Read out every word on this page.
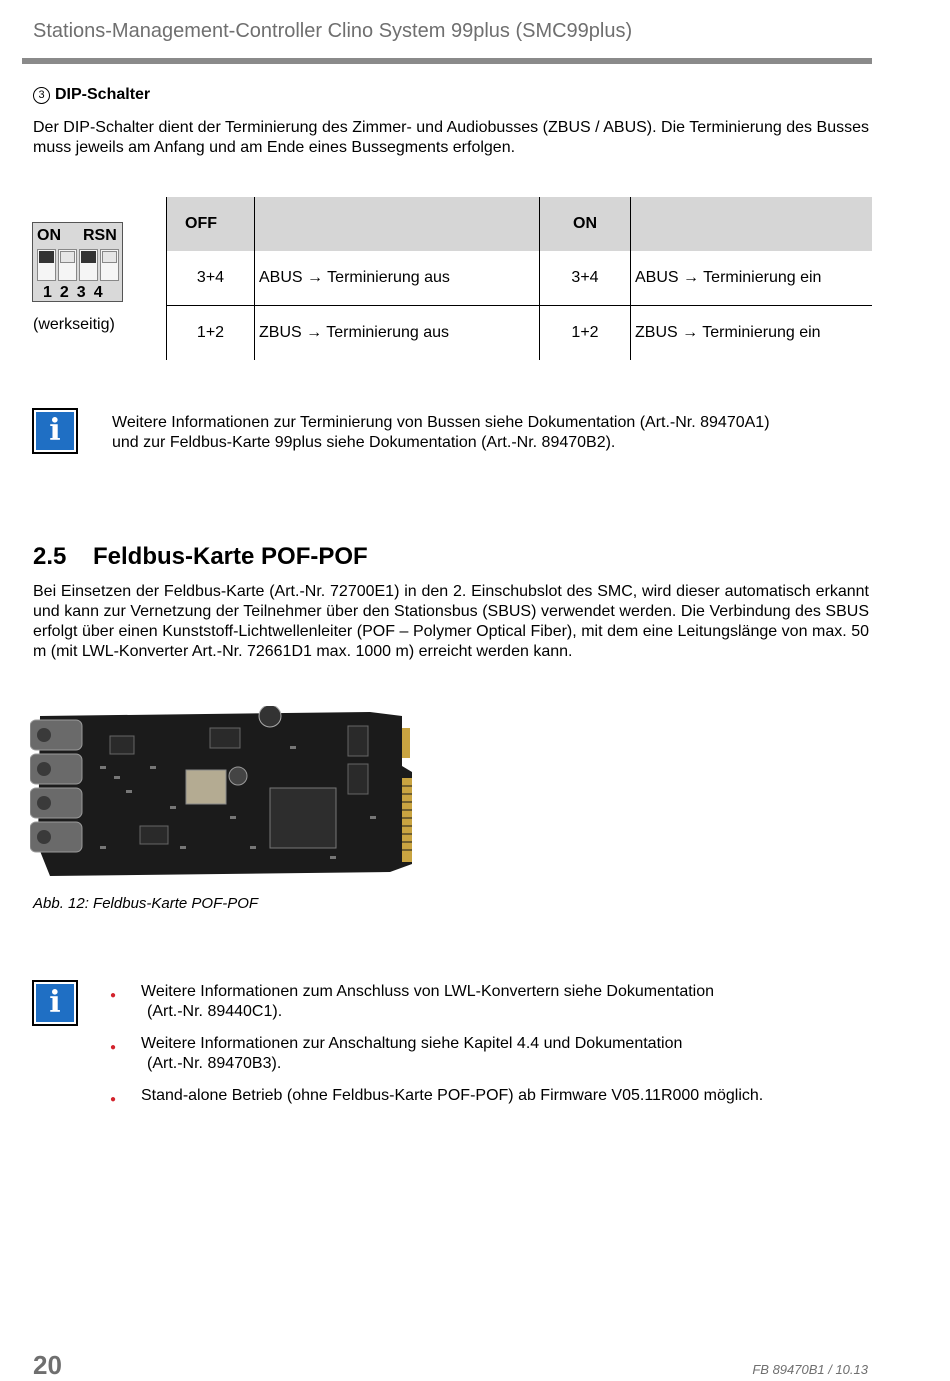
Stations-Management-Controller Clino System 99plus (SMC99plus)
3 DIP-Schalter
Der DIP-Schalter dient der Terminierung des Zimmer- und Audiobusses (ZBUS / ABUS). Die Terminierung des Busses muss jeweils am Anfang und am Ende eines Bussegments erfolgen.
ON RSN
1234
(werkseitig)
OFF		ON	
3+4	ABUS → Terminierung aus	3+4	ABUS → Terminierung ein
1+2	ZBUS → Terminierung aus	1+2	ZBUS → Terminierung ein
i	Weitere Informationen zur Terminierung von Bussen siehe Dokumentation (Art.-Nr. 89470A1)
und zur Feldbus-Karte 99plus siehe Dokumentation (Art.-Nr. 89470B2).
2.5 Feldbus-Karte POF-POF
Bei Einsetzen der Feldbus-Karte (Art.-Nr. 72700E1) in den 2. Einschubslot des SMC, wird dieser automatisch erkannt und kann zur Vernetzung der Teilnehmer über den Stationsbus (SBUS) verwendet werden. Die Verbindung des SBUS erfolgt über einen Kunststoff-Lichtwellenleiter (POF – Polymer Optical Fiber), mit dem eine Leitungslänge von max. 50 m (mit LWL-Konverter Art.-Nr. 72661D1 max. 1000 m) erreicht werden kann.
Abb. 12: Feldbus-Karte POF-POF
i	●	Weitere Informationen zum Anschluss von LWL-Konvertern siehe Dokumentation
(Art.-Nr. 89440C1).
●	Weitere Informationen zur Anschaltung siehe Kapitel 4.4 und Dokumentation
(Art.-Nr. 89470B3).
●	Stand-alone Betrieb (ohne Feldbus-Karte POF-POF) ab Firmware V05.11R000 möglich.
20	FB 89470B1 / 10.13
